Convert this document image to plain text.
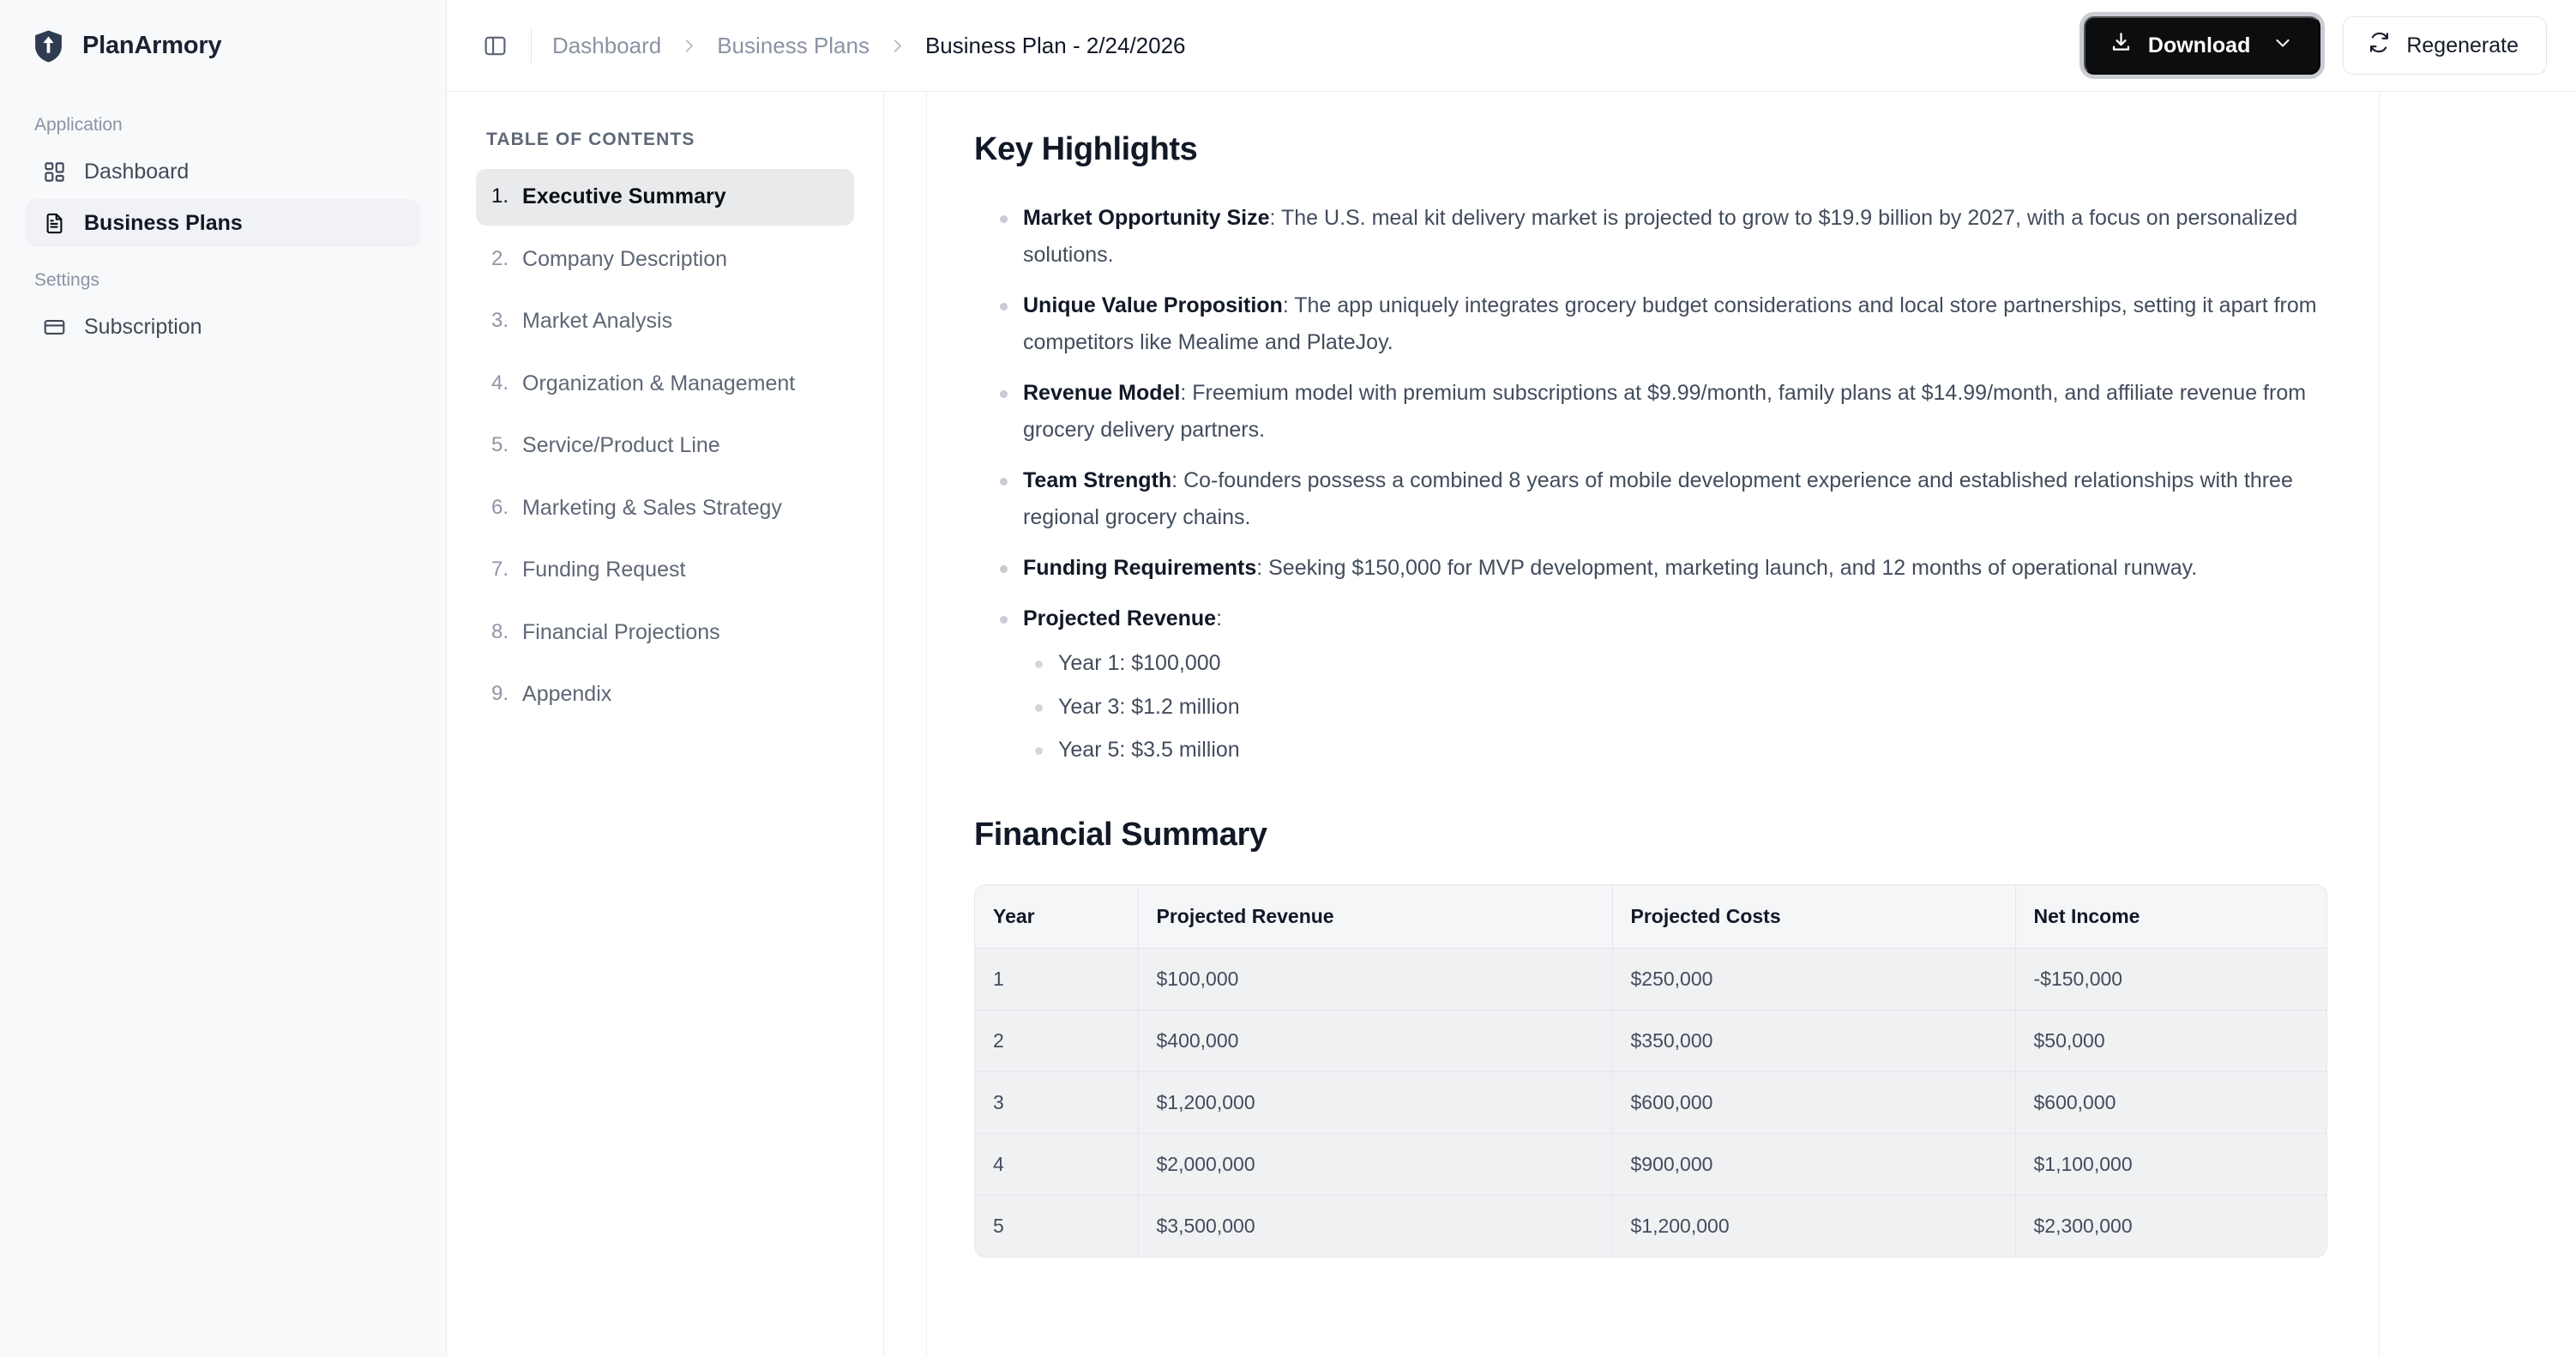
PlanArmory
Application
Dashboard
Business Plans
Settings
Subscription
Dashboard	Business Plans	Business Plan - 2/24/2026	Download	Regenerate
TABLE OF CONTENTS
1. Executive Summary
2. Company Description
3. Market Analysis
4. Organization & Management
5. Service/Product Line
6. Marketing & Sales Strategy
7. Funding Request
8. Financial Projections
9. Appendix
Key Highlights
Market Opportunity Size: The U.S. meal kit delivery market is projected to grow to $19.9 billion by 2027, with a focus on personalized solutions.
Unique Value Proposition: The app uniquely integrates grocery budget considerations and local store partnerships, setting it apart from competitors like Mealime and PlateJoy.
Revenue Model: Freemium model with premium subscriptions at $9.99/month, family plans at $14.99/month, and affiliate revenue from grocery delivery partners.
Team Strength: Co-founders possess a combined 8 years of mobile development experience and established relationships with three regional grocery chains.
Funding Requirements: Seeking $150,000 for MVP development, marketing launch, and 12 months of operational runway.
Projected Revenue:
Year 1: $100,000
Year 3: $1.2 million
Year 5: $3.5 million
Financial Summary
Year	Projected Revenue	Projected Costs	Net Income
1	$100,000	$250,000	-$150,000
2	$400,000	$350,000	$50,000
3	$1,200,000	$600,000	$600,000
4	$2,000,000	$900,000	$1,100,000
5	$3,500,000	$1,200,000	$2,300,000
